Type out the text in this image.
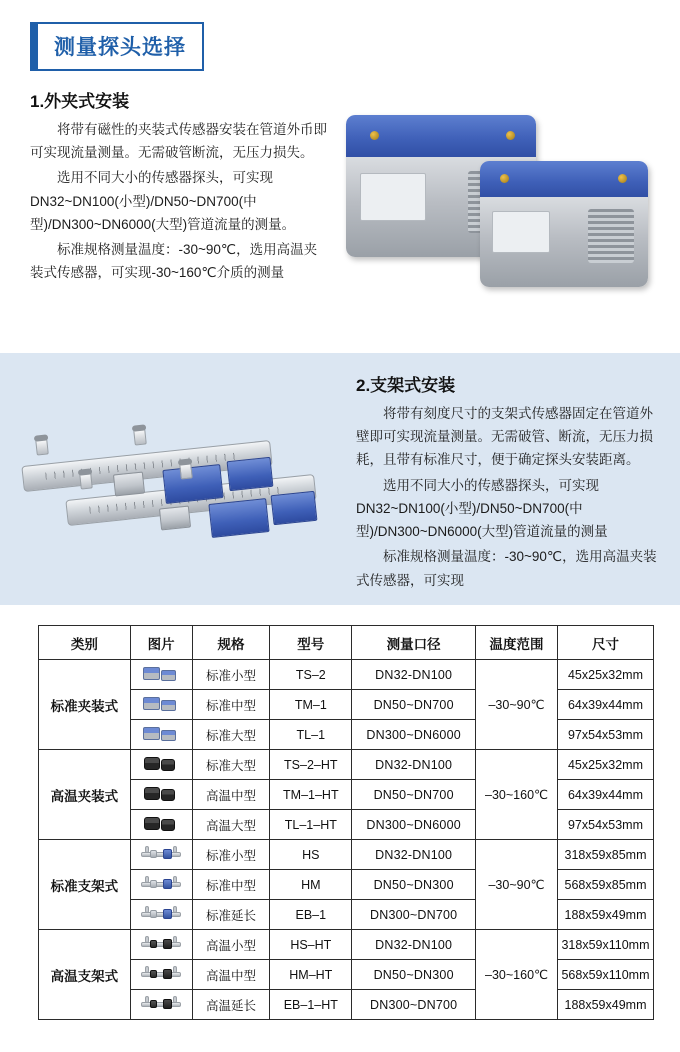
测量探头选择
1.外夹式安装

将带有磁性的夹装式传感器安装在管道外币即可实现流量测量。无需破管断流，无压力损失。

选用不同大小的传感器探头，可实现DN32~DN100(小型)/DN50~DN700(中型)/DN300~DN6000(大型)管道流量的测量。

标准规格测量温度：-30~90℃，选用高温夹装式传感器，可实现-30~160℃介质的测量

2.支架式安装

将带有刻度尺寸的支架式传感器固定在管道外壁即可实现流量测量。无需破管、断流，无压力损耗，且带有标准尺寸，便于确定探头安装距离。

选用不同大小的传感器探头，可实现DN32~DN100(小型)/DN50~DN700(中型)/DN300~DN6000(大型)管道流量的测量

标准规格测量温度：-30~90℃，选用高温夹装式传感器，可实现

类别	图片	规格	型号	测量口径	温度范围	尺寸
标准夹装式		标准小型	TS–2	DN32-DN100	–30~90℃	45x25x32mm

		标准中型	TM–1	DN50~DN700		64x39x44mm

		标准大型	TL–1	DN300~DN6000		97x54x53mm
高温夹装式		标准大型	TS–2–HT	DN32-DN100	–30~160℃	45x25x32mm

		高温中型	TM–1–HT	DN50~DN700		64x39x44mm

		高温大型	TL–1–HT	DN300~DN6000		97x54x53mm
标准支架式		标准小型	HS	DN32-DN100	–30~90℃	318x59x85mm

		标准中型	HM	DN50~DN300		568x59x85mm

		标准延长	EB–1	DN300~DN700		188x59x49mm
高温支架式		高温小型	HS–HT	DN32-DN100	–30~160℃	318x59x110mm

		高温中型	HM–HT	DN50~DN300		568x59x110mm

		高温延长	EB–1–HT	DN300~DN700		188x59x49mm
